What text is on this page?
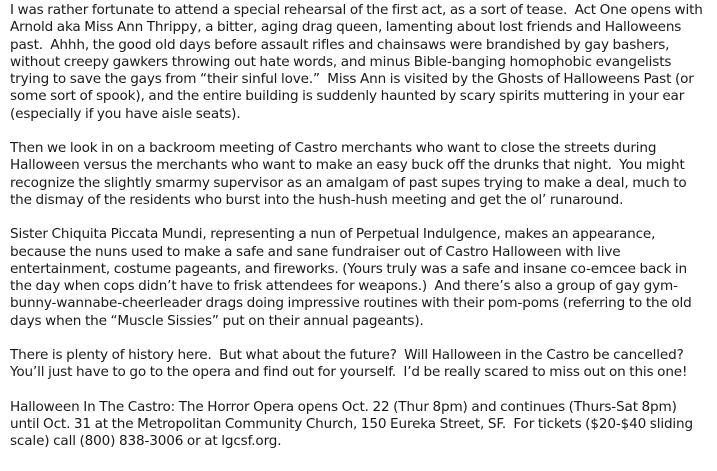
I was rather fortunate to attend a special rehearsal of the first act, as a sort of tease.  Act One opens with Arnold aka Miss Ann Thrippy, a bitter, aging drag queen, lamenting about lost friends and Halloweens past.  Ahhh, the good old days before assault rifles and chainsaws were brandished by gay bashers, without creepy gawkers throwing out hate words, and minus Bible-banging homophobic evangelists trying to save the gays from “their sinful love.”  Miss Ann is visited by the Ghosts of Halloweens Past (or some sort of spook), and the entire building is suddenly haunted by scary spirits muttering in your ear (especially if you have aisle seats).

Then we look in on a backroom meeting of Castro merchants who want to close the streets during Halloween versus the merchants who want to make an easy buck off the drunks that night.  You might recognize the slightly smarmy supervisor as an amalgam of past supes trying to make a deal, much to the dismay of the residents who burst into the hush-hush meeting and get the ol’ runaround.

Sister Chiquita Piccata Mundi, representing a nun of Perpetual Indulgence, makes an appearance, because the nuns used to make a safe and sane fundraiser out of Castro Halloween with live entertainment, costume pageants, and fireworks. (Yours truly was a safe and insane co-emcee back in the day when cops didn’t have to frisk attendees for weapons.)  And there’s also a group of gay gym-bunny-wannabe-cheerleader drags doing impressive routines with their pom-poms (referring to the old days when the “Muscle Sissies” put on their annual pageants).

There is plenty of history here.  But what about the future?  Will Halloween in the Castro be cancelled?  You’ll just have to go to the opera and find out for yourself.  I’d be really scared to miss out on this one!

Halloween In The Castro: The Horror Opera opens Oct. 22 (Thur 8pm) and continues (Thurs-Sat 8pm) until Oct. 31 at the Metropolitan Community Church, 150 Eureka Street, SF.  For tickets ($20-$40 sliding scale) call (800) 838-3006 or at lgcsf.org.
